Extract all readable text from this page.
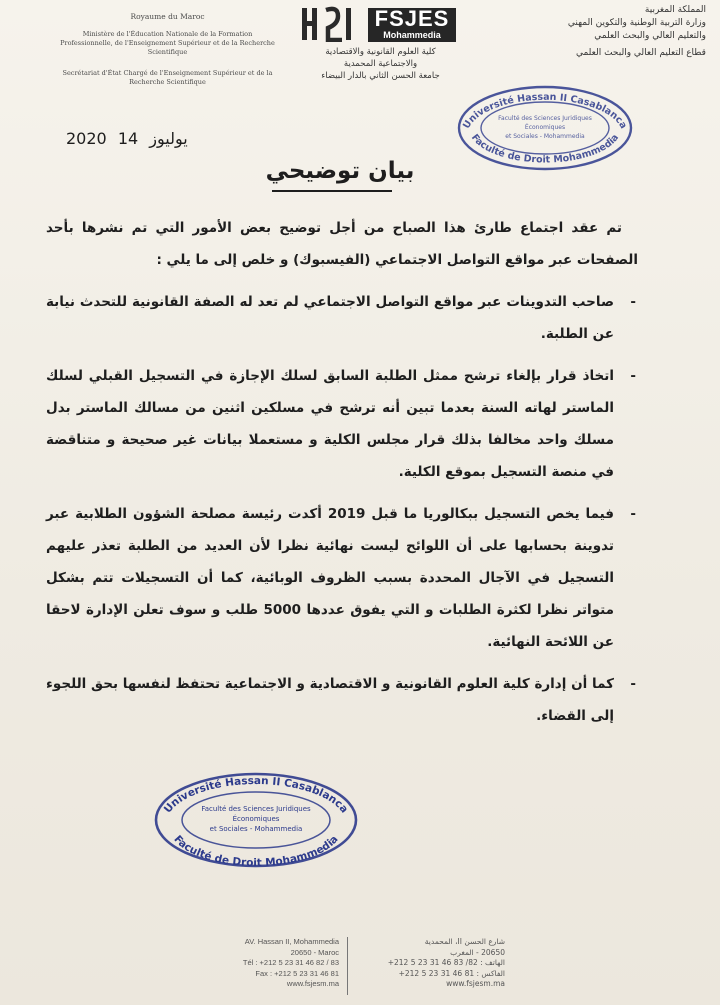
Royaume du Maroc
Ministère de l'Éducation Nationale de la Formation Professionnelle, de l'Enseignement Supérieur et de la Recherche Scientifique
Secrétariat d'État Chargé de l'Enseignement Supérieur et de la Recherche Scientifique
FSJES
Mohammedia
كلية العلوم القانونية والاقتصادية
والاجتماعية المحمدية
جامعة الحسن الثاني بالدار البيضاء
المملكة المغربية
وزارة التربية الوطنية والتكوين المهني
والتعليم العالي والبحث العلمي
قطاع التعليم العالي والبحث العلمي
Université Hassan II Casablanca
Faculté de Droit Mohammedia
Faculté des Sciences Juridiques
Économiques
et Sociales - Mohammedia
2020	يوليوز 14
بيان توضيحي

تم عقد اجتماع طارئ هذا الصباح من أجل توضيح بعض الأمور التي تم نشرها بأحد الصفحات عبر مواقع التواصل الاجتماعي (الفيسبوك) و خلص إلى ما يلي :

-
صاحب التدوينات عبر مواقع التواصل الاجتماعي لم تعد له الصفة القانونية للتحدث نيابة عن الطلبة.
-
اتخاذ قرار بإلغاء ترشح ممثل الطلبة السابق لسلك الإجازة في التسجيل القبلي لسلك الماستر لهاته السنة بعدما تبين أنه ترشح في مسلكين اثنين من مسالك الماستر بدل مسلك واحد مخالفا بذلك قرار مجلس الكلية و مستعملا بيانات غير صحيحة و متناقضة في منصة التسجيل بموقع الكلية.
-
فيما يخص التسجيل ببكالوريا ما قبل 2019 أكدت رئيسة مصلحة الشؤون الطلابية عبر تدوينة بحسابها على أن اللوائح ليست نهائية نظرا لأن العديد من الطلبة تعذر عليهم التسجيل في الآجال المحددة بسبب الظروف الوبائية، كما أن التسجيلات تتم بشكل متواتر نظرا لكثرة الطلبات و التي يفوق عددها 5000 طلب و سوف تعلن الإدارة لاحقا عن اللائحة النهائية.
-
كما أن إدارة كلية العلوم القانونية و الاقتصادية و الاجتماعية تحتفظ لنفسها بحق اللجوء إلى القضاء.
Université Hassan II Casablanca
Faculté de Droit Mohammedia
Faculté des Sciences Juridiques
Économiques
et Sociales - Mohammedia
AV. Hassan II, Mohammedia
20650 - Maroc
Tél : +212 5 23 31 46 82 / 83
Fax : +212 5 23 31 46 81
www.fsjesm.ma
شارع الحسن II، المحمدية
20650 - المغرب
الهاتف : 82/ 83 46 31 23 5 212+
الفاكس : 81 46 31 23 5 212+
www.fsjesm.ma
